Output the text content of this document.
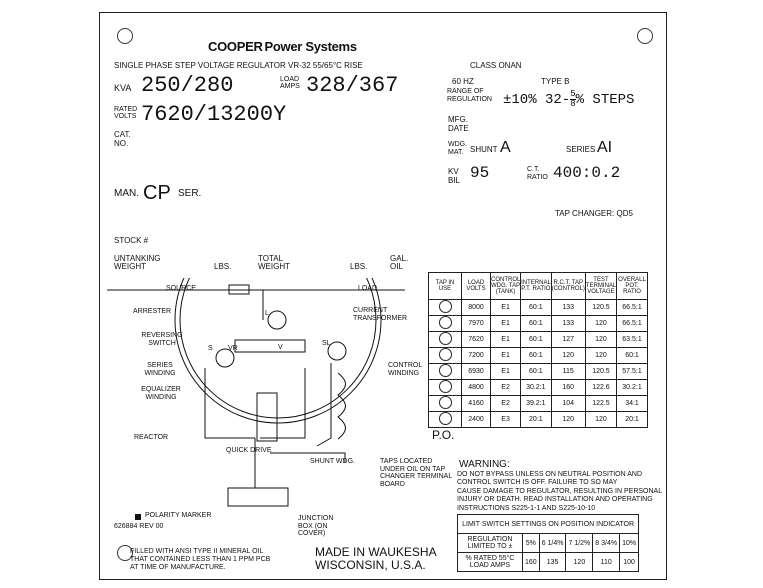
COOPER Power Systems
SINGLE PHASE STEP VOLTAGE REGULATOR VR-32 55/65°C RISE	CLASS ONAN
KVA 250/280	LOAD AMPS 328/367	60 HZ	TYPE B
RANGE OF REGULATION ±10% $32- \frac{5}{8}$ % STEPS
RATED VOLTS 7620/13200Y	MFG. DATE
CAT. NO.	WDG. MAT. SHUNT A	SERIES AI
KV BIL 95	C.T. RATIO 400:0.2
MAN. CP SER.
TAP CHANGER: QD5
STOCK #
UNTANKING WEIGHT	LBS.
TOTAL WEIGHT	LBS.
GAL. OIL
SOURCE	LOAD
ARRESTER	CURRENT TRANSFORMER
REVERSING SWITCH
SERIES WINDING
CONTROL WINDING
EQUALIZER WINDING
REACTOR
QUICK DRIVE
SHUNT WDG.	TAPS LOCATED UNDER OIL ON TAP CHANGER TERMINAL BOARD
S
L
SL
VR	V
POLARITY MARKER	JUNCTION BOX (ON COVER)
626884 REV 00
TAP IN USE	LOAD VOLTS	CONTROL WDG. TAP (TANK)	INTERNAL P.T. RATIO	R.C.T. TAP (CONTROL)	TEST TERMINAL VOLTAGE	OVERALL POT. RATIO
	8000	E1	60:1	133	120.5	66.5:1
	7970	E1	60:1	133	120	66.5:1
	7620	E1	60:1	127	120	63.5:1
	7200	E1	60:1	120	120	60:1
	6930	E1	60:1	115	120.5	57.5:1
	4800	E2	30.2:1	160	122.6	30.2:1
	4160	E2	39.2:1	104	122.5	34:1
	2400	E3	20:1	120	120	20:1
P.O.
WARNING:
DO NOT BYPASS UNLESS ON NEUTRAL POSITION AND
CONTROL SWITCH IS OFF. FAILURE TO SO MAY
CAUSE DAMAGE TO REGULATOR, RESULTING IN PERSONAL
INJURY OR DEATH. READ INSTALLATION AND OPERATING
INSTRUCTIONS S225-1-1 AND S225-10-10
LIMIT SWITCH SETTINGS ON POSITION INDICATOR					
REGULATION LIMITED TO ±	5%	6 1/4%	7 1/2%	8 3/4%	10%
% RATED 55°C LOAD AMPS	160	135	120	110	100
FILLED WITH ANSI TYPE II MINERAL OIL
THAT CONTAINED LESS THAN 1 PPM PCB
AT TIME OF MANUFACTURE.
MADE IN WAUKESHA
WISCONSIN, U.S.A.
